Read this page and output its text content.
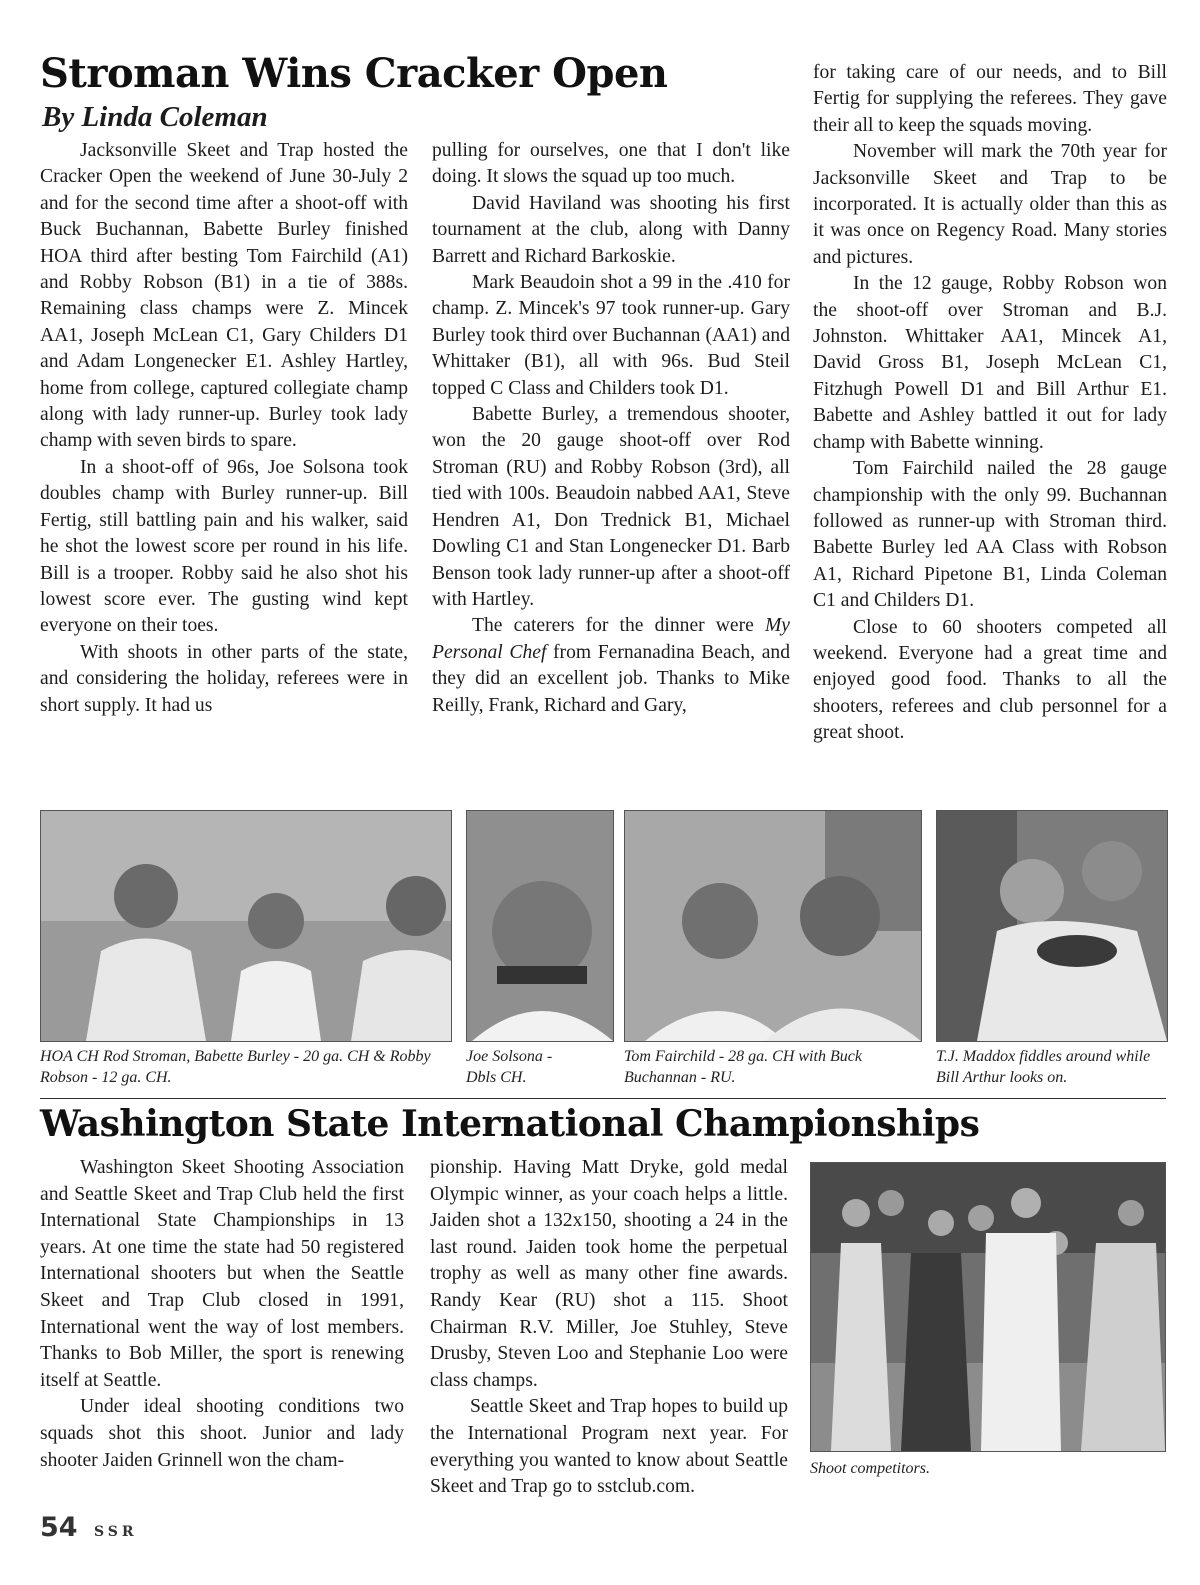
Stroman Wins Cracker Open

By Linda Coleman

Jacksonville Skeet and Trap hosted the Cracker Open the weekend of June 30-July 2 and for the second time after a shoot-off with Buck Buchannan, Babette Burley finished HOA third after besting Tom Fairchild (A1) and Robby Robson (B1) in a tie of 388s. Remaining class champs were Z. Mincek AA1, Joseph McLean C1, Gary Childers D1 and Adam Longenecker E1. Ashley Hartley, home from college, captured collegiate champ along with lady runner-up. Burley took lady champ with seven birds to spare.

In a shoot-off of 96s, Joe Solsona took doubles champ with Burley runner-up. Bill Fertig, still battling pain and his walker, said he shot the lowest score per round in his life. Bill is a trooper. Robby said he also shot his lowest score ever. The gusting wind kept everyone on their toes.

With shoots in other parts of the state, and considering the holiday, referees were in short supply. It had us

pulling for ourselves, one that I don't like doing. It slows the squad up too much.

David Haviland was shooting his first tournament at the club, along with Danny Barrett and Richard Barkoskie.

Mark Beaudoin shot a 99 in the .410 for champ. Z. Mincek's 97 took runner-up. Gary Burley took third over Buchannan (AA1) and Whittaker (B1), all with 96s. Bud Steil topped C Class and Childers took D1.

Babette Burley, a tremendous shooter, won the 20 gauge shoot-off over Rod Stroman (RU) and Robby Robson (3rd), all tied with 100s. Beaudoin nabbed AA1, Steve Hendren A1, Don Trednick B1, Michael Dowling C1 and Stan Longenecker D1. Barb Benson took lady runner-up after a shoot-off with Hartley.

The caterers for the dinner were My Personal Chef from Fernanadina Beach, and they did an excellent job. Thanks to Mike Reilly, Frank, Richard and Gary,

for taking care of our needs, and to Bill Fertig for supplying the referees. They gave their all to keep the squads moving.

November will mark the 70th year for Jacksonville Skeet and Trap to be incorporated. It is actually older than this as it was once on Regency Road. Many stories and pictures.

In the 12 gauge, Robby Robson won the shoot-off over Stroman and B.J. Johnston. Whittaker AA1, Mincek A1, David Gross B1, Joseph McLean C1, Fitzhugh Powell D1 and Bill Arthur E1. Babette and Ashley battled it out for lady champ with Babette winning.

Tom Fairchild nailed the 28 gauge championship with the only 99. Buchannan followed as runner-up with Stroman third. Babette Burley led AA Class with Robson A1, Richard Pipetone B1, Linda Coleman C1 and Childers D1.

Close to 60 shooters competed all weekend. Everyone had a great time and enjoyed good food. Thanks to all the shooters, referees and club personnel for a great shoot.

HOA CH Rod Stroman, Babette Burley - 20 ga. CH & Robby Robson - 12 ga. CH.
Joe Solsona - Dbls CH.
Tom Fairchild - 28 ga. CH with Buck Buchannan - RU.
T.J. Maddox fiddles around while Bill Arthur looks on.
Washington State International Championships

Washington Skeet Shooting Association and Seattle Skeet and Trap Club held the first International State Championships in 13 years. At one time the state had 50 registered International shooters but when the Seattle Skeet and Trap Club closed in 1991, International went the way of lost members. Thanks to Bob Miller, the sport is renewing itself at Seattle.

Under ideal shooting conditions two squads shot this shoot. Junior and lady shooter Jaiden Grinnell won the cham-

pionship. Having Matt Dryke, gold medal Olympic winner, as your coach helps a little. Jaiden shot a 132x150, shooting a 24 in the last round. Jaiden took home the perpetual trophy as well as many other fine awards. Randy Kear (RU) shot a 115. Shoot Chairman R.V. Miller, Joe Stuhley, Steve Drusby, Steven Loo and Stephanie Loo were class champs.

Seattle Skeet and Trap hopes to build up the International Program next year. For everything you wanted to know about Seattle Skeet and Trap go to sstclub.com.

Shoot competitors.
54 SSR
